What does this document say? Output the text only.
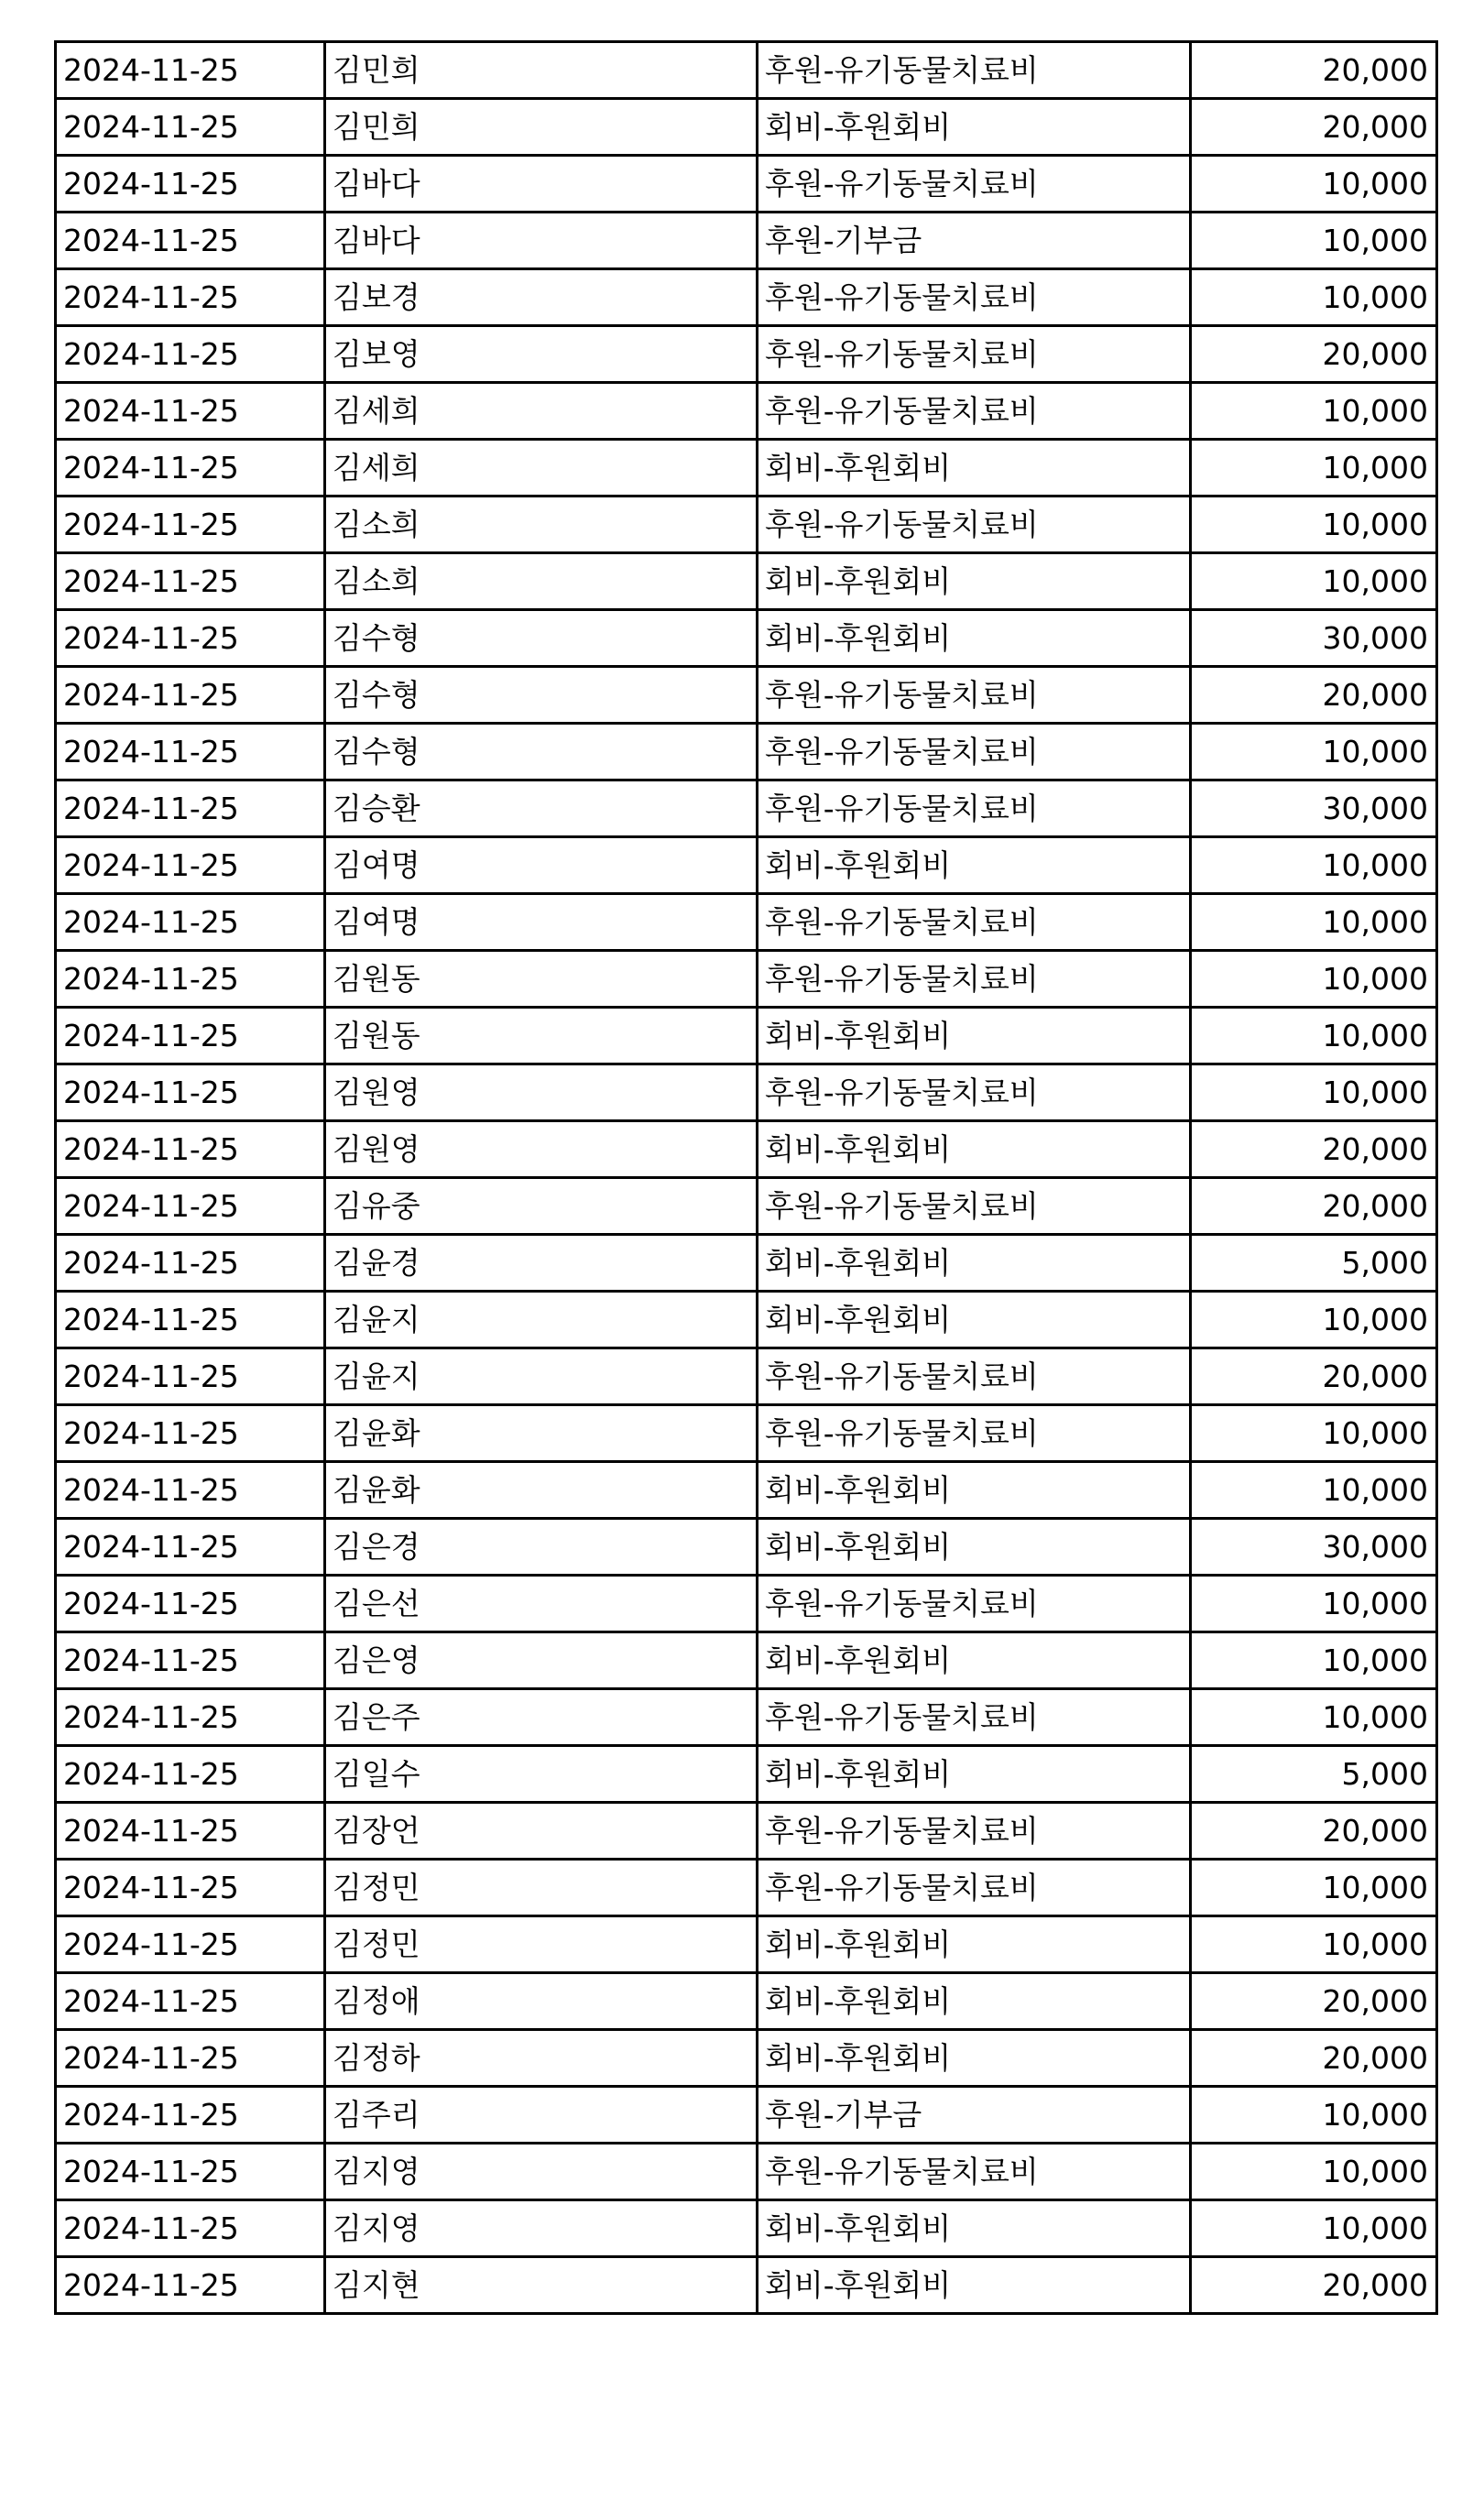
2024-11-25	김민희	후원-유기동물치료비	20,000
2024-11-25	김민희	회비-후원회비	20,000
2024-11-25	김바다	후원-유기동물치료비	10,000
2024-11-25	김바다	후원-기부금	10,000
2024-11-25	김보경	후원-유기동물치료비	10,000
2024-11-25	김보영	후원-유기동물치료비	20,000
2024-11-25	김세희	후원-유기동물치료비	10,000
2024-11-25	김세희	회비-후원회비	10,000
2024-11-25	김소희	후원-유기동물치료비	10,000
2024-11-25	김소희	회비-후원회비	10,000
2024-11-25	김수형	회비-후원회비	30,000
2024-11-25	김수형	후원-유기동물치료비	20,000
2024-11-25	김수형	후원-유기동물치료비	10,000
2024-11-25	김승환	후원-유기동물치료비	30,000
2024-11-25	김여명	회비-후원회비	10,000
2024-11-25	김여명	후원-유기동물치료비	10,000
2024-11-25	김원동	후원-유기동물치료비	10,000
2024-11-25	김원동	회비-후원회비	10,000
2024-11-25	김원영	후원-유기동물치료비	10,000
2024-11-25	김원영	회비-후원회비	20,000
2024-11-25	김유중	후원-유기동물치료비	20,000
2024-11-25	김윤경	회비-후원회비	5,000
2024-11-25	김윤지	회비-후원회비	10,000
2024-11-25	김윤지	후원-유기동물치료비	20,000
2024-11-25	김윤화	후원-유기동물치료비	10,000
2024-11-25	김윤화	회비-후원회비	10,000
2024-11-25	김은경	회비-후원회비	30,000
2024-11-25	김은선	후원-유기동물치료비	10,000
2024-11-25	김은영	회비-후원회비	10,000
2024-11-25	김은주	후원-유기동물치료비	10,000
2024-11-25	김일수	회비-후원회비	5,000
2024-11-25	김장언	후원-유기동물치료비	20,000
2024-11-25	김정민	후원-유기동물치료비	10,000
2024-11-25	김정민	회비-후원회비	10,000
2024-11-25	김정애	회비-후원회비	20,000
2024-11-25	김정하	회비-후원회비	20,000
2024-11-25	김주리	후원-기부금	10,000
2024-11-25	김지영	후원-유기동물치료비	10,000
2024-11-25	김지영	회비-후원회비	10,000
2024-11-25	김지현	회비-후원회비	20,000
